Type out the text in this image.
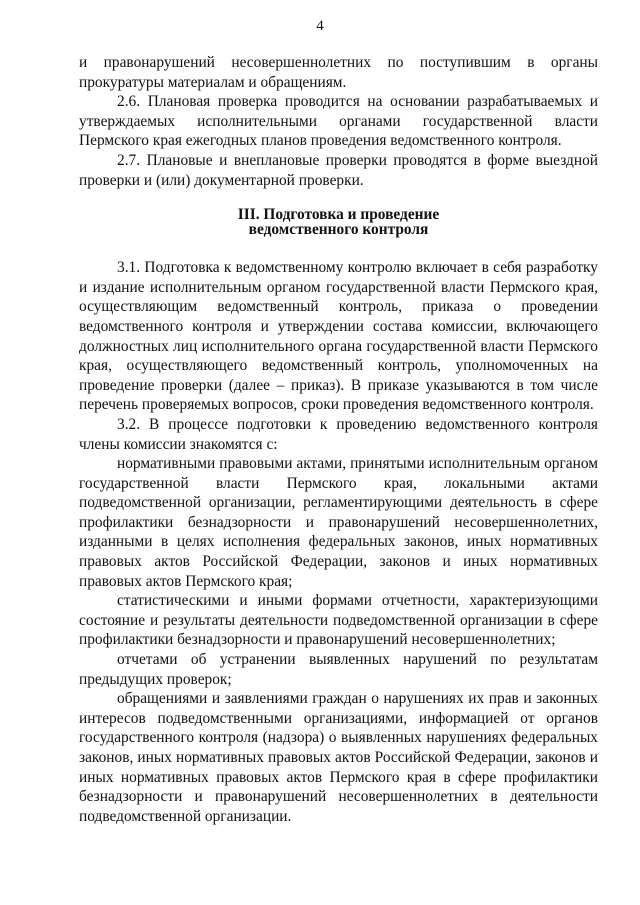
4

и правонарушений несовершеннолетних по поступившим в органы прокуратуры материалам и обращениям.

2.6. Плановая проверка проводится на основании разрабатываемых и утверждаемых исполнительными органами государственной власти Пермского края ежегодных планов проведения ведомственного контроля.

2.7. Плановые и внеплановые проверки проводятся в форме выездной проверки и (или) документарной проверки.

III. Подготовка и проведение
ведомственного контроля

3.1. Подготовка к ведомственному контролю включает в себя разработку и издание исполнительным органом государственной власти Пермского края, осуществляющим ведомственный контроль, приказа о проведении ведомственного контроля и утверждении состава комиссии, включающего должностных лиц исполнительного органа государственной власти Пермского края, осуществляющего ведомственный контроль, уполномоченных на проведение проверки (далее – приказ). В приказе указываются в том числе перечень проверяемых вопросов, сроки проведения ведомственного контроля.

3.2. В процессе подготовки к проведению ведомственного контроля члены комиссии знакомятся с:

нормативными правовыми актами, принятыми исполнительным органом государственной власти Пермского края, локальными актами подведомственной организации, регламентирующими деятельность в сфере профилактики безнадзорности и правонарушений несовершеннолетних, изданными в целях исполнения федеральных законов, иных нормативных правовых актов Российской Федерации, законов и иных нормативных правовых актов Пермского края;

статистическими и иными формами отчетности, характеризующими состояние и результаты деятельности подведомственной организации в сфере профилактики безнадзорности и правонарушений несовершеннолетних;

отчетами об устранении выявленных нарушений по результатам предыдущих проверок;

обращениями и заявлениями граждан о нарушениях их прав и законных интересов подведомственными организациями, информацией от органов государственного контроля (надзора) о выявленных нарушениях федеральных законов, иных нормативных правовых актов Российской Федерации, законов и иных нормативных правовых актов Пермского края в сфере профилактики безнадзорности и правонарушений несовершеннолетних в деятельности подведомственной организации.
